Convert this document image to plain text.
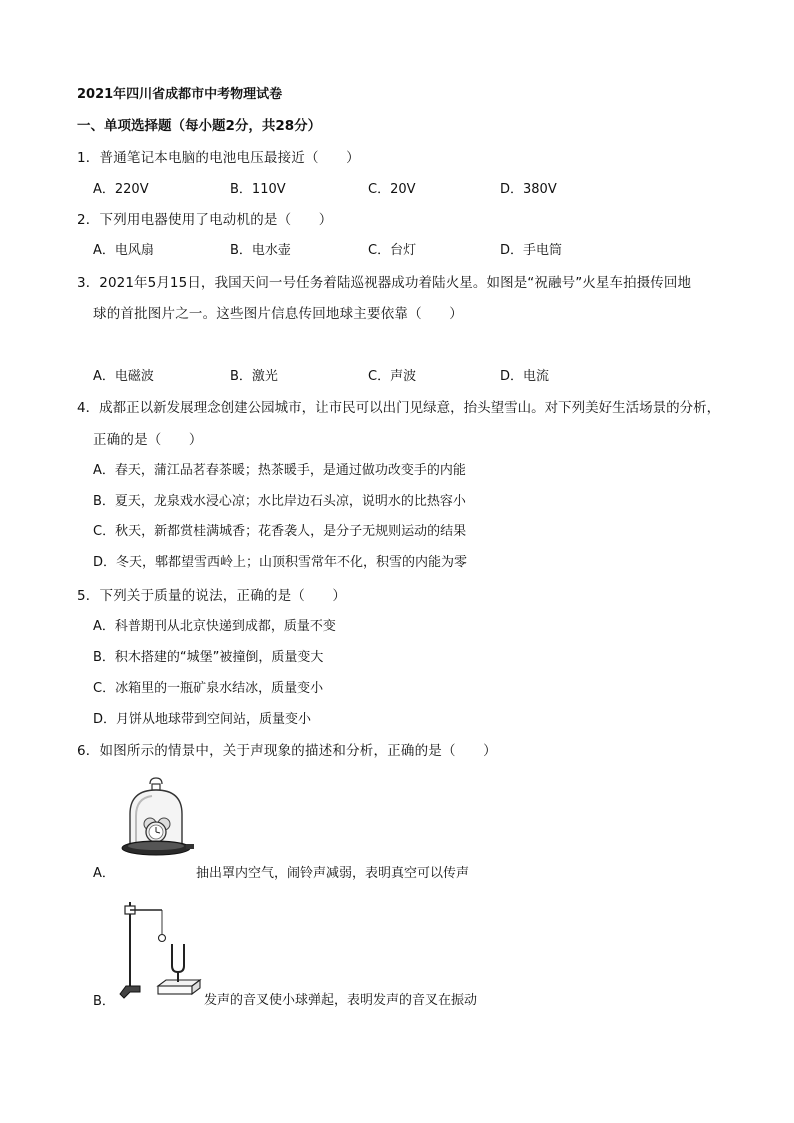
2021年四川省成都市中考物理试卷
一、单项选择题（每小题2分，共28分）
1．普通笔记本电脑的电池电压最接近（　　）
A．220V	B．110V	C．20V	D．380V
2．下列用电器使用了电动机的是（　　）
A．电风扇	B．电水壶	C．台灯	D．手电筒
3．2021年5月15日，我国天问一号任务着陆巡视器成功着陆火星。如图是“祝融号”火星车拍摄传回地
球的首批图片之一。这些图片信息传回地球主要依靠（　　）
A．电磁波	B．激光	C．声波	D．电流
4．成都正以新发展理念创建公园城市，让市民可以出门见绿意，抬头望雪山。对下列美好生活场景的分析，
正确的是（　　）
A．春天，蒲江品茗春茶暖；热茶暖手，是通过做功改变手的内能
B．夏天，龙泉戏水浸心凉；水比岸边石头凉，说明水的比热容小
C．秋天，新都赏桂满城香；花香袭人，是分子无规则运动的结果
D．冬天，郫都望雪西岭上；山顶积雪常年不化，积雪的内能为零
5．下列关于质量的说法，正确的是（　　）
A．科普期刊从北京快递到成都，质量不变
B．积木搭建的“城堡”被撞倒，质量变大
C．冰箱里的一瓶矿泉水结冰，质量变小
D．月饼从地球带到空间站，质量变小
6．如图所示的情景中，关于声现象的描述和分析，正确的是（　　）
A．	抽出罩内空气，闹铃声减弱，表明真空可以传声
B．	发声的音叉使小球弹起，表明发声的音叉在振动
